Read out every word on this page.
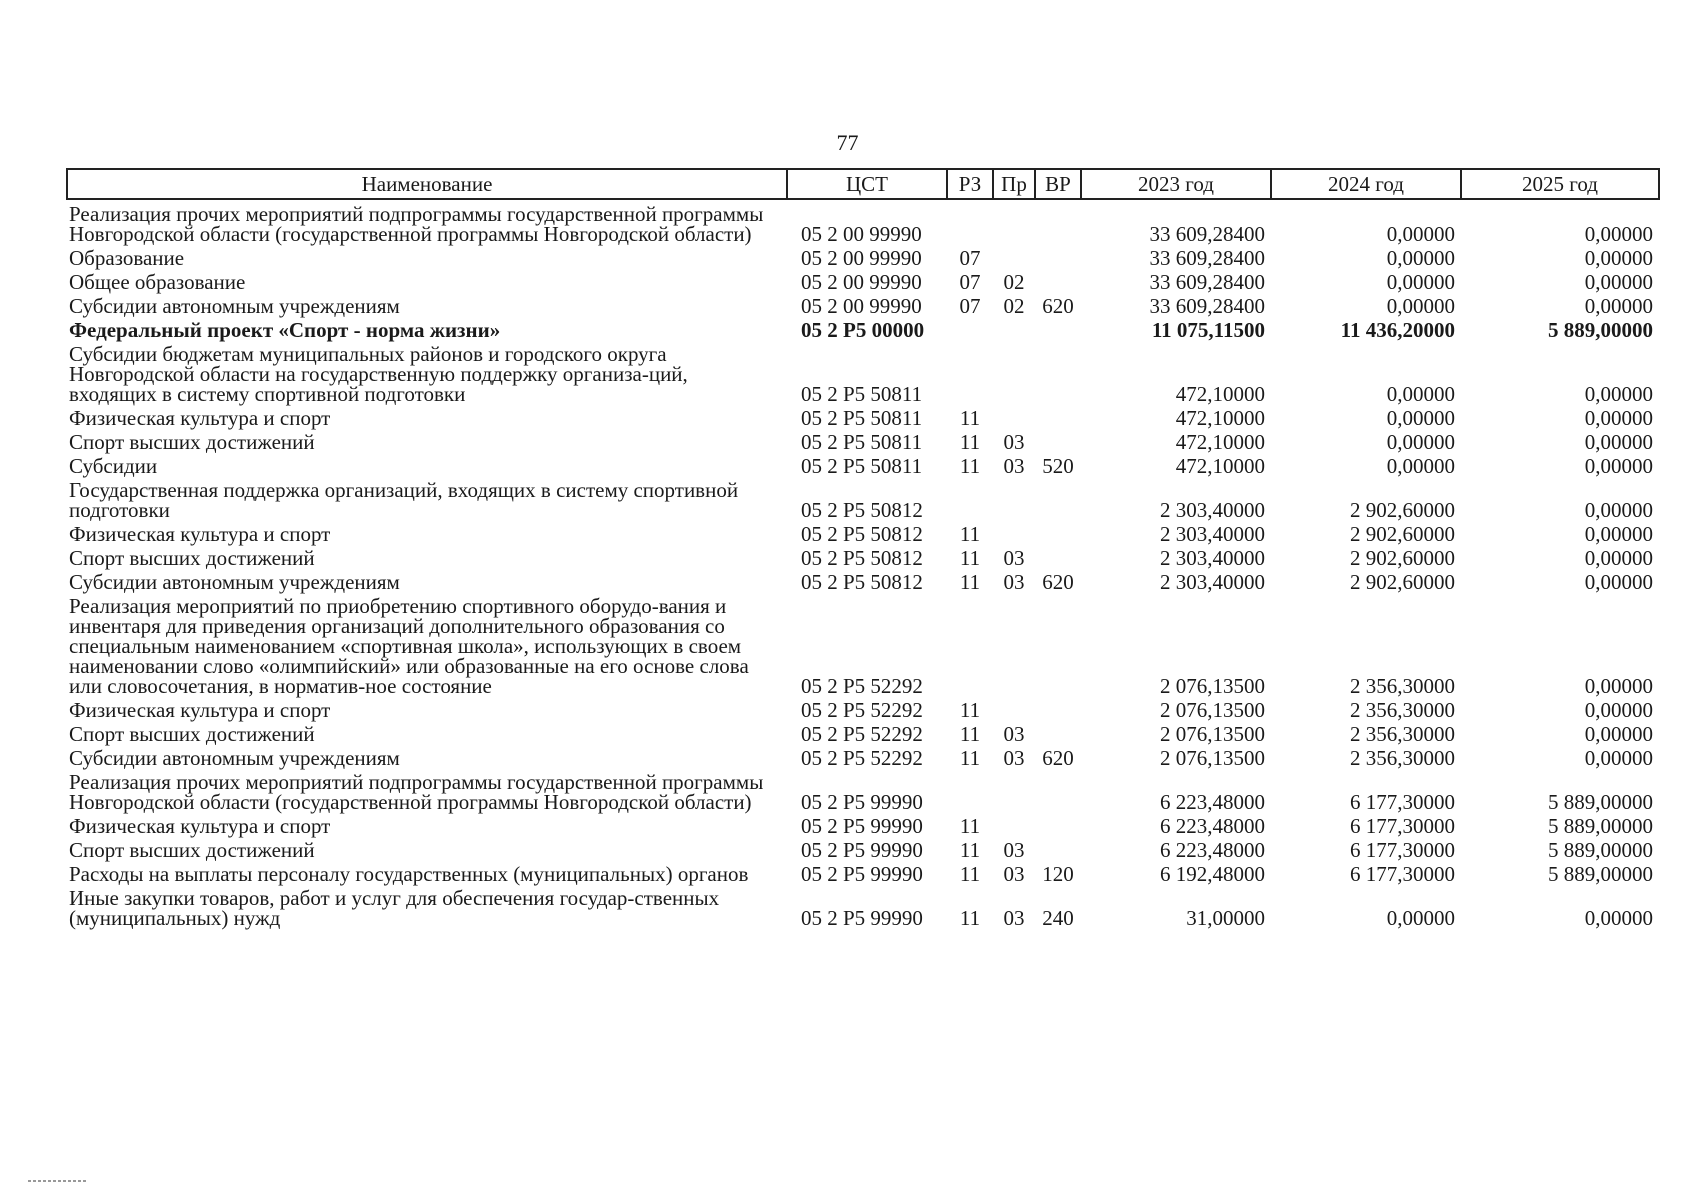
77
Наименование	ЦСТ	РЗ	Пр	ВР	2023 год	2024 год	2025 год
Реализация прочих мероприятий подпрограммы государственной программы Новгородской области (государственной программы Новгородской области)	05 2 00 99990				33 609,28400	0,00000	0,00000
Образование	05 2 00 99990	07			33 609,28400	0,00000	0,00000
Общее образование	05 2 00 99990	07	02		33 609,28400	0,00000	0,00000
Субсидии автономным учреждениям	05 2 00 99990	07	02	620	33 609,28400	0,00000	0,00000
Федеральный проект «Спорт - норма жизни»	05 2 P5 00000				11 075,11500	11 436,20000	5 889,00000
Субсидии бюджетам муниципальных районов и городского округа Новгородской области на государственную поддержку организа-ций, входящих в систему спортивной подготовки	05 2 P5 50811				472,10000	0,00000	0,00000
Физическая культура и спорт	05 2 P5 50811	11			472,10000	0,00000	0,00000
Спорт высших достижений	05 2 P5 50811	11	03		472,10000	0,00000	0,00000
Субсидии	05 2 P5 50811	11	03	520	472,10000	0,00000	0,00000
Государственная поддержка организаций, входящих в систему спортивной подготовки	05 2 P5 50812				2 303,40000	2 902,60000	0,00000
Физическая культура и спорт	05 2 P5 50812	11			2 303,40000	2 902,60000	0,00000
Спорт высших достижений	05 2 P5 50812	11	03		2 303,40000	2 902,60000	0,00000
Субсидии автономным учреждениям	05 2 P5 50812	11	03	620	2 303,40000	2 902,60000	0,00000
Реализация мероприятий по приобретению спортивного оборудо-вания и инвентаря для приведения организаций дополнительного образования со специальным наименованием «спортивная школа», использующих в своем наименовании слово «олимпийский» или образованные на его основе слова или словосочетания, в норматив-ное состояние	05 2 P5 52292				2 076,13500	2 356,30000	0,00000
Физическая культура и спорт	05 2 P5 52292	11			2 076,13500	2 356,30000	0,00000
Спорт высших достижений	05 2 P5 52292	11	03		2 076,13500	2 356,30000	0,00000
Субсидии автономным учреждениям	05 2 P5 52292	11	03	620	2 076,13500	2 356,30000	0,00000
Реализация прочих мероприятий подпрограммы государственной программы Новгородской области (государственной программы Новгородской области)	05 2 P5 99990				6 223,48000	6 177,30000	5 889,00000
Физическая культура и спорт	05 2 P5 99990	11			6 223,48000	6 177,30000	5 889,00000
Спорт высших достижений	05 2 P5 99990	11	03		6 223,48000	6 177,30000	5 889,00000
Расходы на выплаты персоналу государственных (муниципальных) органов	05 2 P5 99990	11	03	120	6 192,48000	6 177,30000	5 889,00000
Иные закупки товаров, работ и услуг для обеспечения государ-ственных (муниципальных) нужд	05 2 P5 99990	11	03	240	31,00000	0,00000	0,00000
